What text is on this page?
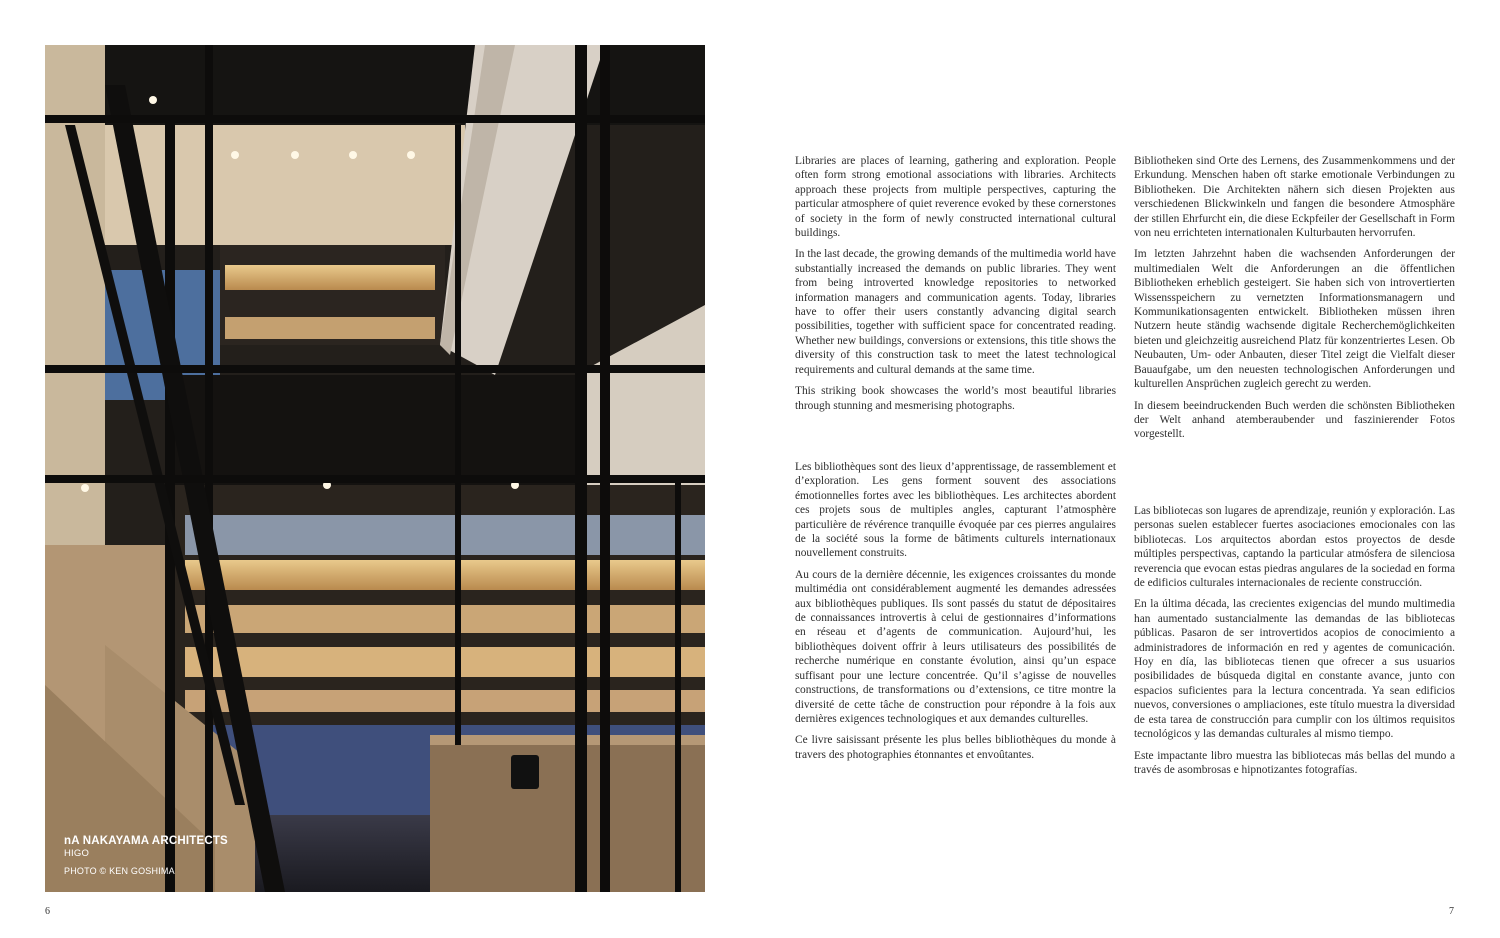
nA NAKAYAMA ARCHITECTS
HIGO
PHOTO © KEN GOSHIMA
6	7

Libraries are places of learning, gathering and exploration. People often form strong emotional associations with libraries. Architects approach these projects from multiple perspectives, capturing the particular atmosphere of quiet reverence evoked by these cornerstones of society in the form of newly constructed international cultural buildings.

In the last decade, the growing demands of the multimedia world have substantially increased the demands on public libraries. They went from being introverted knowledge repositories to networked information managers and communication agents. Today, libraries have to offer their users constantly advancing digital search possibilities, together with sufficient space for concentrated reading. Whether new buildings, conversions or extensions, this title shows the diversity of this construction task to meet the latest technological requirements and cultural demands at the same time.

This striking book showcases the world’s most beautiful libraries through stunning and mesmerising photographs.

Bibliotheken sind Orte des Lernens, des Zusammenkommens und der Erkundung. Menschen haben oft starke emotionale Verbindungen zu Bibliotheken. Die Architekten nähern sich diesen Projekten aus verschiedenen Blickwinkeln und fangen die besondere Atmosphäre der stillen Ehrfurcht ein, die diese Eckpfeiler der Gesellschaft in Form von neu errichteten internationalen Kulturbauten hervorrufen.

Im letzten Jahrzehnt haben die wachsenden Anforderungen der multimedialen Welt die Anforderungen an die öffentlichen Bibliotheken erheblich gesteigert. Sie haben sich von introvertierten Wissensspeichern zu vernetzten Informationsmanagern und Kommunikationsagenten entwickelt. Bibliotheken müssen ihren Nutzern heute ständig wachsende digitale Recherchemöglichkeiten bieten und gleichzeitig ausreichend Platz für konzentriertes Lesen. Ob Neubauten, Um- oder Anbauten, dieser Titel zeigt die Vielfalt dieser Bauaufgabe, um den neuesten technologischen Anforderungen und kulturellen Ansprüchen zugleich gerecht zu werden.

In diesem beeindruckenden Buch werden die schönsten Bibliotheken der Welt anhand atemberaubender und faszinierender Fotos vorgestellt.

Les bibliothèques sont des lieux d’apprentissage, de rassemblement et d’exploration. Les gens forment souvent des associations émotionnelles fortes avec les bibliothèques. Les architectes abordent ces projets sous de multiples angles, capturant l’atmosphère particulière de révérence tranquille évoquée par ces pierres angulaires de la société sous la forme de bâtiments culturels internationaux nouvellement construits.

Au cours de la dernière décennie, les exigences croissantes du monde multimédia ont considérablement augmenté les demandes adressées aux bibliothèques publiques. Ils sont passés du statut de dépositaires de connaissances introvertis à celui de gestionnaires d’informations en réseau et d’agents de communication. Aujourd’hui, les bibliothèques doivent offrir à leurs utilisateurs des possibilités de recherche numérique en constante évolution, ainsi qu’un espace suffisant pour une lecture concentrée. Qu’il s’agisse de nouvelles constructions, de transformations ou d’extensions, ce titre montre la diversité de cette tâche de construction pour répondre à la fois aux dernières exigences technologiques et aux demandes culturelles.

Ce livre saisissant présente les plus belles bibliothèques du monde à travers des photographies étonnantes et envoûtantes.

Las bibliotecas son lugares de aprendizaje, reunión y exploración. Las personas suelen establecer fuertes asociaciones emocionales con las bibliotecas. Los arquitectos abordan estos proyectos de desde múltiples perspectivas, captando la particular atmósfera de silenciosa reverencia que evocan estas piedras angulares de la sociedad en forma de edificios culturales internacionales de reciente construcción.

En la última década, las crecientes exigencias del mundo multimedia han aumentado sustancialmente las demandas de las bibliotecas públicas. Pasaron de ser introvertidos acopios de conocimiento a administradores de información en red y agentes de comunicación. Hoy en día, las bibliotecas tienen que ofrecer a sus usuarios posibilidades de búsqueda digital en constante avance, junto con espacios suficientes para la lectura concentrada. Ya sean edificios nuevos, conversiones o ampliaciones, este título muestra la diversidad de esta tarea de construcción para cumplir con los últimos requisitos tecnológicos y las demandas culturales al mismo tiempo.

Este impactante libro muestra las bibliotecas más bellas del mundo a través de asombrosas e hipnotizantes fotografías.
